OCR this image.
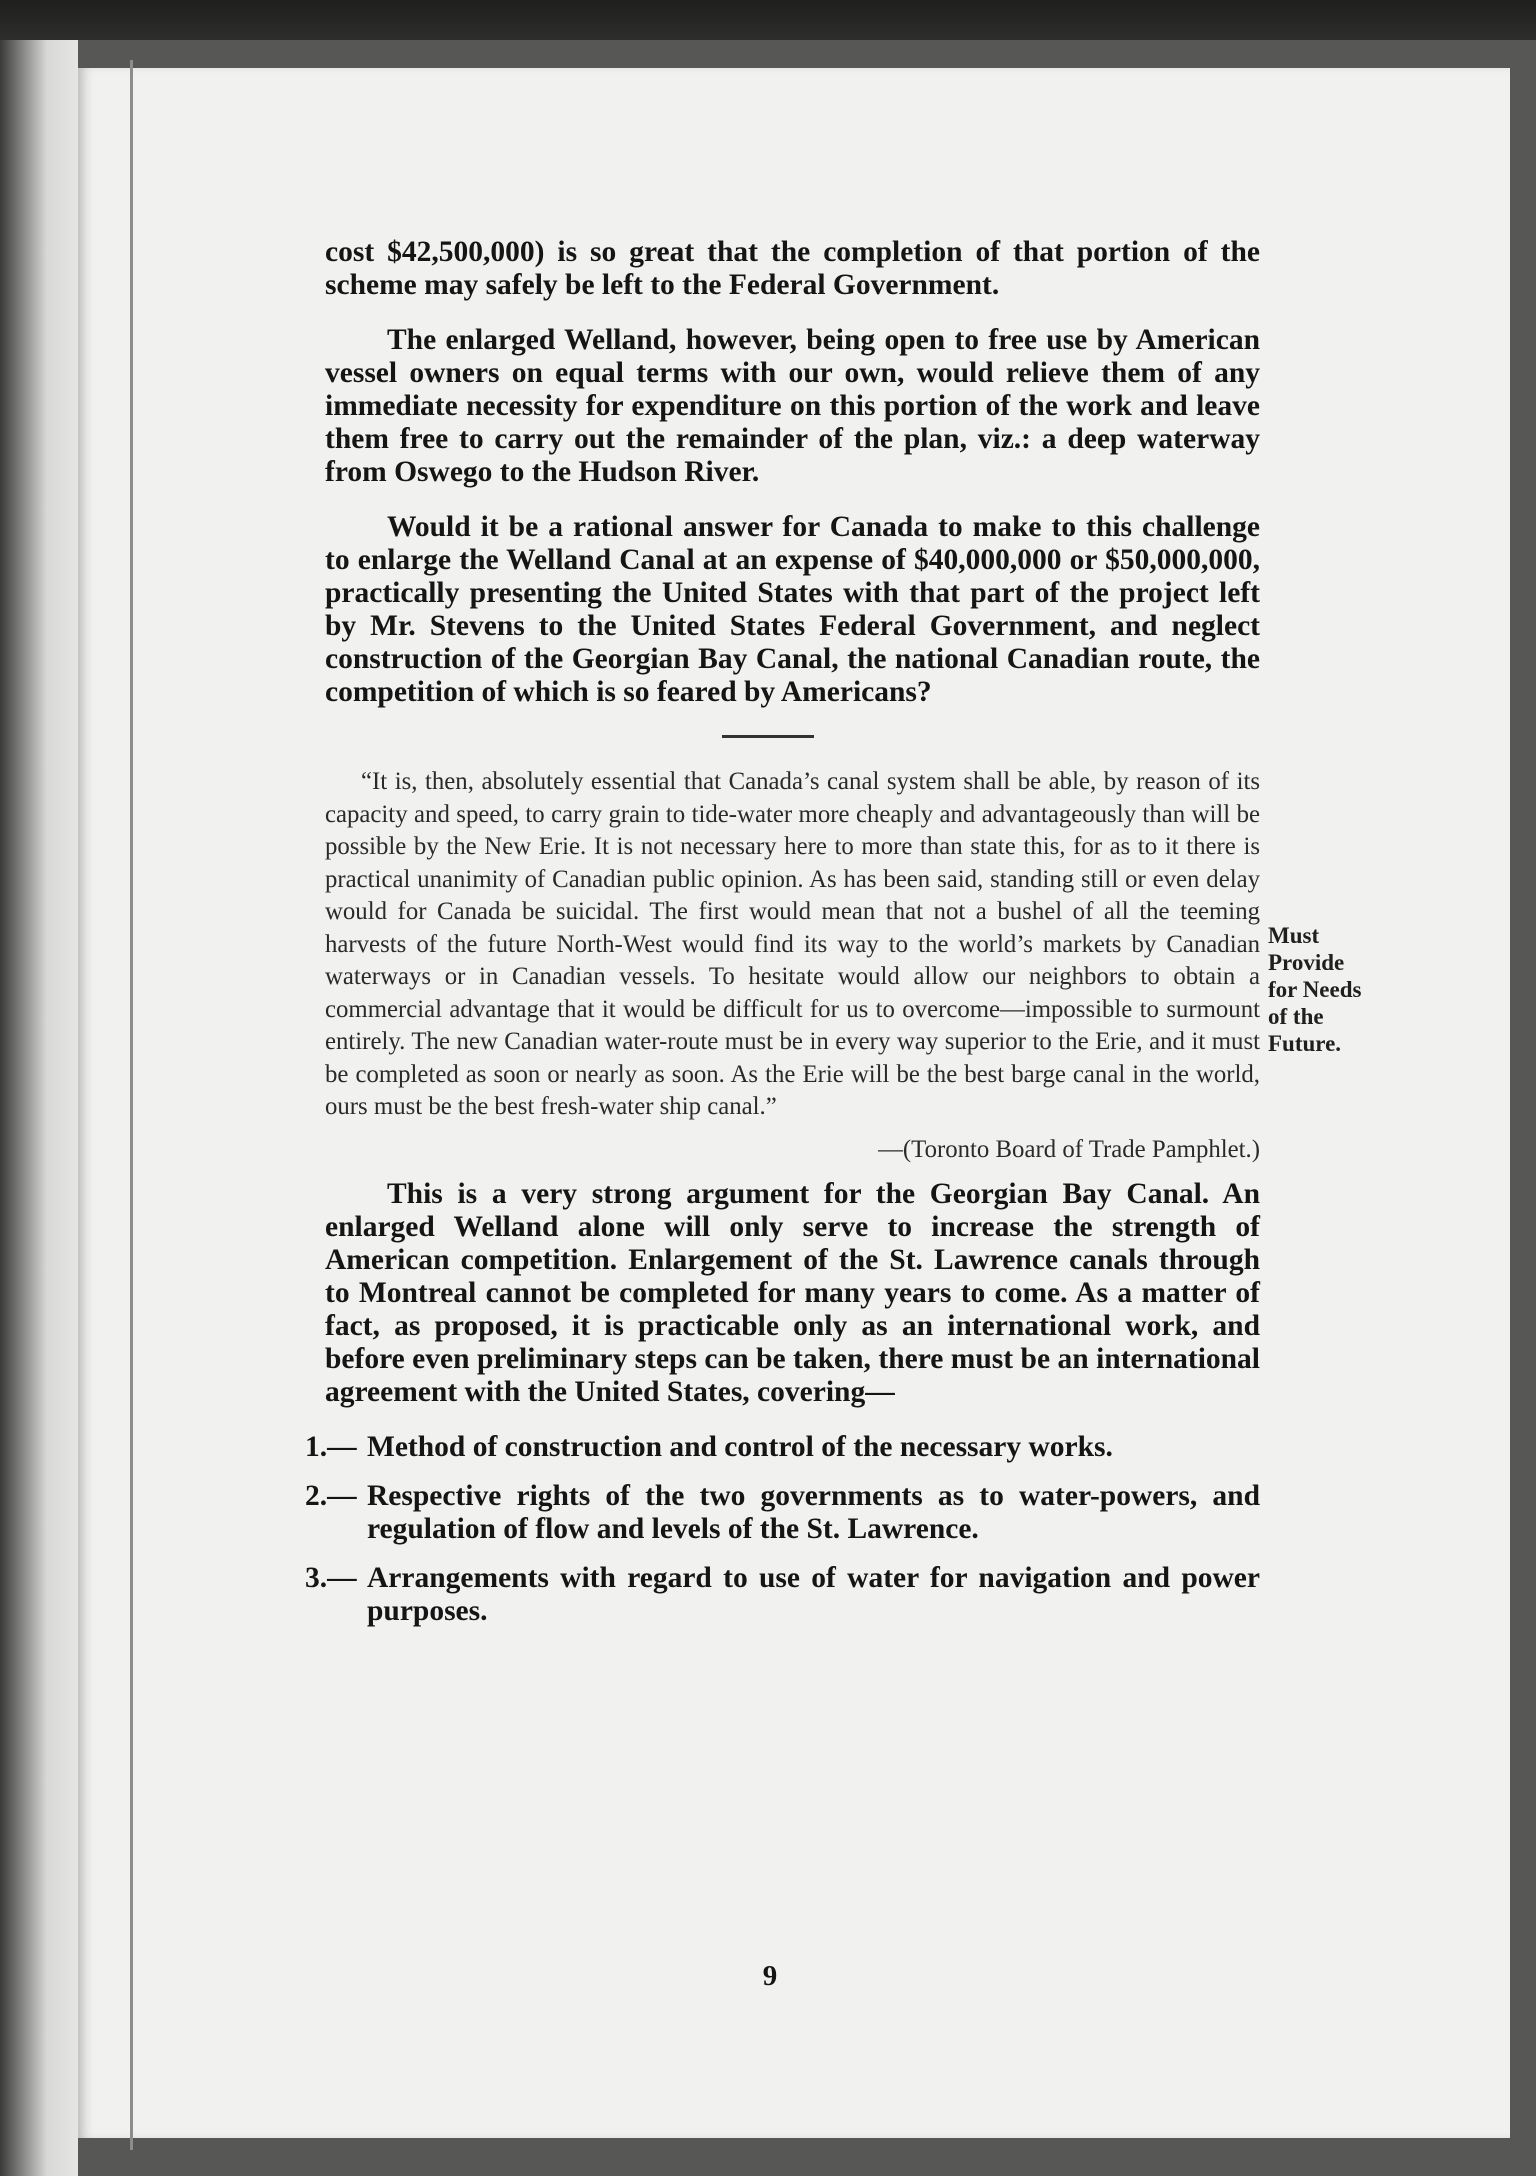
cost $42,500,000) is so great that the completion of that portion of the scheme may safely be left to the Federal Government.

The enlarged Welland, however, being open to free use by American vessel owners on equal terms with our own, would relieve them of any immediate necessity for expenditure on this portion of the work and leave them free to carry out the remainder of the plan, viz.: a deep waterway from Oswego to the Hudson River.

Would it be a rational answer for Canada to make to this challenge to enlarge the Welland Canal at an expense of $40,000,000 or $50,000,000, practically presenting the United States with that part of the project left by Mr. Stevens to the United States Federal Government, and neglect construction of the Georgian Bay Canal, the national Canadian route, the competition of which is so feared by Americans?

“It is, then, absolutely essential that Canada’s canal system shall be able, by reason of its capacity and speed, to carry grain to tide-water more cheaply and advantageously than will be possible by the New Erie. It is not necessary here to more than state this, for as to it there is practical unanimity of Canadian public opinion. As has been said, standing still or even delay would for Canada be suicidal. The first would mean that not a bushel of all the teeming harvests of the future North-West would find its way to the world’s markets by Canadian waterways or in Canadian vessels. To hesitate would allow our neighbors to obtain a commercial advantage that it would be difficult for us to overcome—impossible to surmount entirely. The new Canadian water-route must be in every way superior to the Erie, and it must be completed as soon or nearly as soon. As the Erie will be the best barge canal in the world, ours must be the best fresh-water ship canal.”

—(Toronto Board of Trade Pamphlet.)

This is a very strong argument for the Georgian Bay Canal. An enlarged Welland alone will only serve to increase the strength of American competition. Enlargement of the St. Lawrence canals through to Montreal cannot be completed for many years to come. As a matter of fact, as proposed, it is practicable only as an international work, and before even preliminary steps can be taken, there must be an international agreement with the United States, covering—

1.— Method of construction and control of the necessary works.
2.— Respective rights of the two governments as to water-powers, and regulation of flow and levels of the St. Lawrence.
3.— Arrangements with regard to use of water for navigation and power purposes.
Must
Provide
for Needs
of the
Future.
9
